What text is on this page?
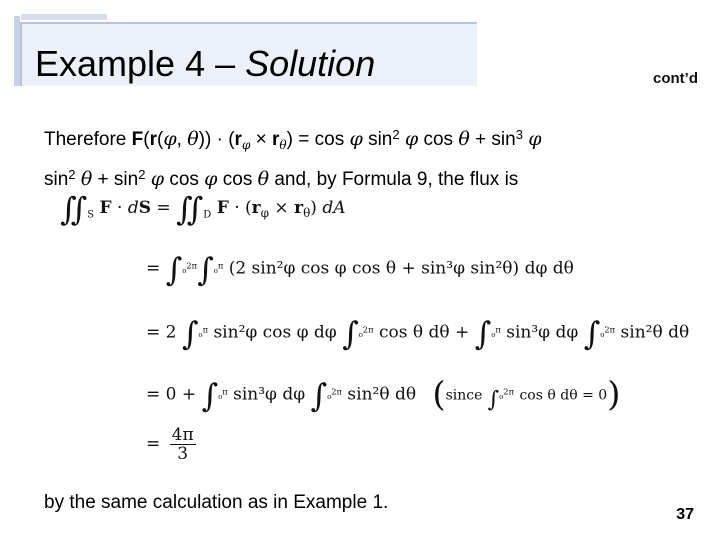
Example 4 – Solution	cont’d
Therefore F(r(φ, $\theta)) \cdot (r_\varphi \times r_\theta) = \cos \varphi$ $\sin^2 \varphi$ $\cos \theta + \sin^3 \varphi$
$\sin^2 \theta + \sin^2 \varphi$ cos φ cos θ and, by Formula 9, the flux is
$∬_S$ F · dS = $∬_D$ $F \cdot (r_\varphi \times r_\theta)$ dA
= ∫₀$^{2\pi}$∫₀$^\pi$ (2 sin²φ cos φ cos θ + sin³φ sin²θ) dφ dθ
= 2 ∫₀$^\pi$ sin²φ cos φ dφ ∫₀$^{2\pi}$ cos θ dθ + ∫₀$^\pi$ sin³φ dφ ∫₀$^{2\pi}$ sin²θ dθ
= 0 + ∫₀$^\pi$ sin³φ dφ ∫₀$^{2\pi}$ sin²θ dθ (since ∫₀$^{2\pi}$ cos θ dθ = 0)
= $\frac{4\pi}{3}$
by the same calculation as in Example 1.
37
